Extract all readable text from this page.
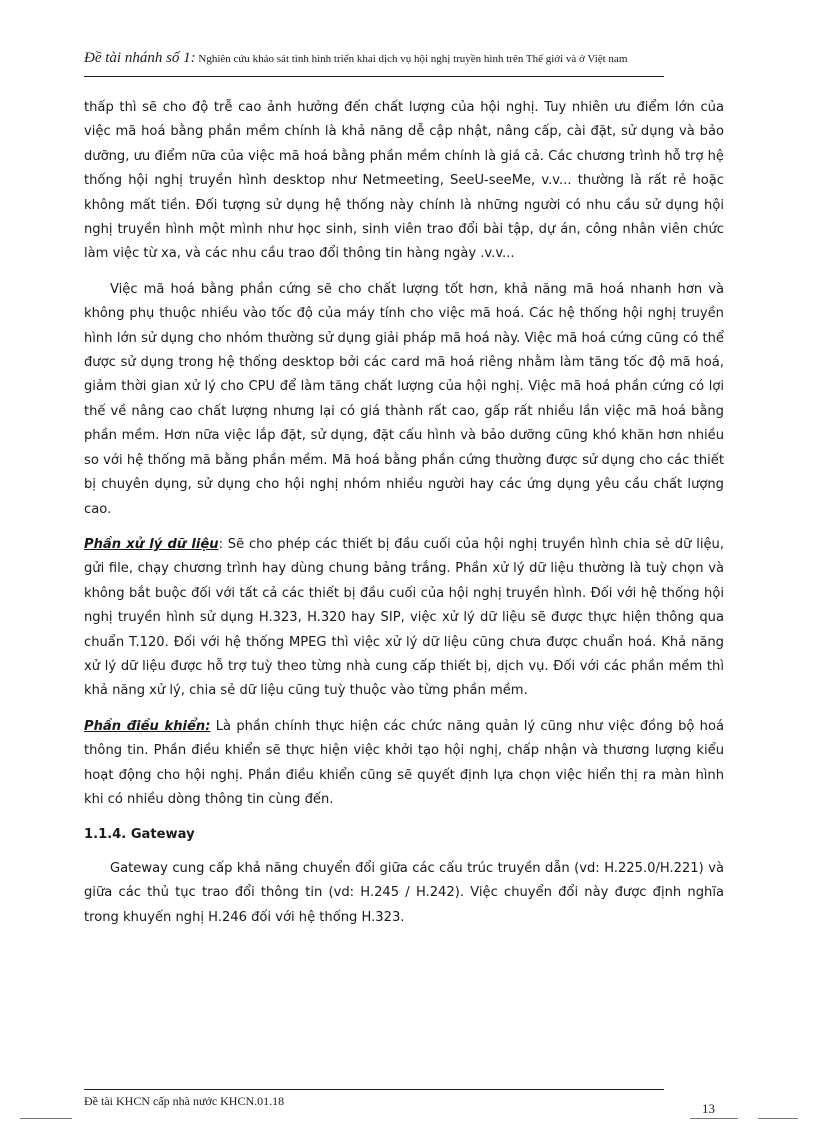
Đề tài nhánh số 1: Nghiên cứu khảo sát tình hình triển khai dịch vụ hội nghị truyền hình trên Thế giới và ở Việt nam

thấp thì sẽ cho độ trễ cao ảnh hưởng đến chất lượng của hội nghị. Tuy nhiên ưu điểm lớn của việc mã hoá bằng phần mềm chính là khả năng dễ cập nhật, nâng cấp, cài đặt, sử dụng và bảo dưỡng, ưu điểm nữa của việc mã hoá bằng phần mềm chính là giá cả. Các chương trình hỗ trợ hệ thống hội nghị truyền hình desktop như Netmeeting, SeeU-seeMe, v.v... thường là rất rẻ hoặc không mất tiền. Đối tượng sử dụng hệ thống này chính là những người có nhu cầu sử dụng hội nghị truyền hình một mình như học sinh, sinh viên trao đổi bài tập, dự án, công nhân viên chức làm việc từ xa, và các nhu cầu trao đổi thông tin hàng ngày .v.v...

Việc mã hoá bằng phần cứng sẽ cho chất lượng tốt hơn, khả năng mã hoá nhanh hơn và không phụ thuộc nhiều vào tốc độ của máy tính cho việc mã hoá. Các hệ thống hội nghị truyền hình lớn sử dụng cho nhóm thường sử dụng giải pháp mã hoá này. Việc mã hoá cứng cũng có thể được sử dụng trong hệ thống desktop bởi các card mã hoá riêng nhằm làm tăng tốc độ mã hoá, giảm thời gian xử lý cho CPU để làm tăng chất lượng của hội nghị. Việc mã hoá phần cứng có lợi thế về nâng cao chất lượng nhưng lại có giá thành rất cao, gấp rất nhiều lần việc mã hoá bằng phần mềm. Hơn nữa việc lắp đặt, sử dụng, đặt cấu hình và bảo dưỡng cũng khó khăn hơn nhiều so với hệ thống mã bằng phần mềm. Mã hoá bằng phần cứng thường được sử dụng cho các thiết bị chuyên dụng, sử dụng cho hội nghị nhóm nhiều người hay các ứng dụng yêu cầu chất lượng cao.

Phần xử lý dữ liệu: Sẽ cho phép các thiết bị đầu cuối của hội nghị truyền hình chia sẻ dữ liệu, gửi file, chạy chương trình hay dùng chung bảng trắng. Phần xử lý dữ liệu thường là tuỳ chọn và không bắt buộc đối với tất cả các thiết bị đầu cuối của hội nghị truyền hình. Đối với hệ thống hội nghị truyền hình sử dụng H.323, H.320 hay SIP, việc xử lý dữ liệu sẽ được thực hiện thông qua chuẩn T.120. Đối với hệ thống MPEG thì việc xử lý dữ liệu cũng chưa được chuẩn hoá. Khả năng xử lý dữ liệu được hỗ trợ tuỳ theo từng nhà cung cấp thiết bị, dịch vụ. Đối với các phần mềm thì khả năng xử lý, chia sẻ dữ liệu cũng tuỳ thuộc vào từng phần mềm.

Phần điều khiển: Là phần chính thực hiện các chức năng quản lý cũng như việc đồng bộ hoá thông tin. Phần điều khiển sẽ thực hiện việc khởi tạo hội nghị, chấp nhận và thương lượng kiểu hoạt động cho hội nghị. Phần điều khiển cũng sẽ quyết định lựa chọn việc hiển thị ra màn hình khi có nhiều dòng thông tin cùng đến.

1.1.4. Gateway

Gateway cung cấp khả năng chuyển đổi giữa các cấu trúc truyền dẫn (vd: H.225.0/H.221) và giữa các thủ tục trao đổi thông tin (vd: H.245 / H.242). Việc chuyển đổi này được định nghĩa trong khuyến nghị H.246 đối với hệ thống H.323.

Đề tài KHCN cấp nhà nước KHCN.01.18	13
